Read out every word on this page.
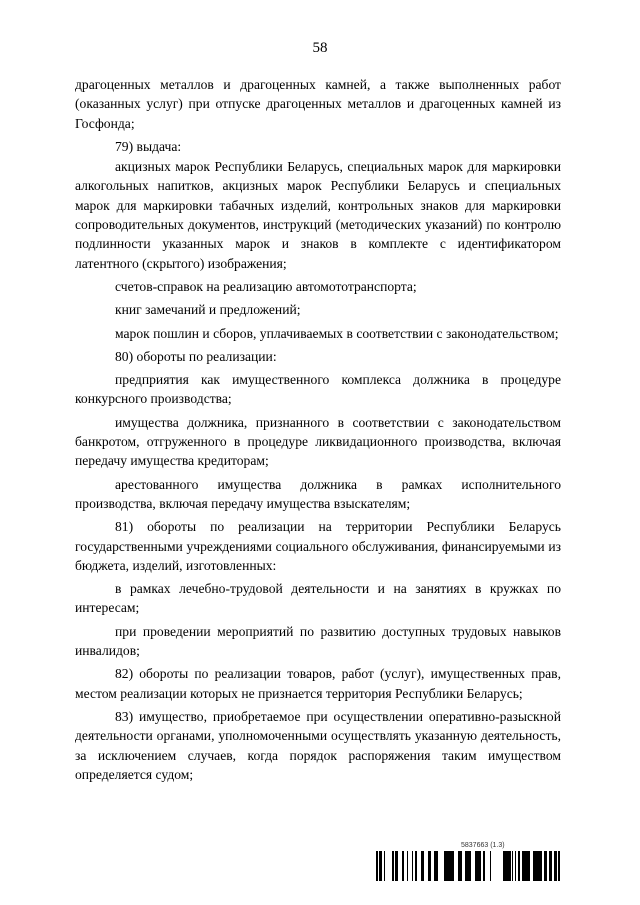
58

драгоценных металлов и драгоценных камней, а также выполненных работ (оказанных услуг) при отпуске драгоценных металлов и драгоценных камней из Госфонда;

79) выдача:

акцизных марок Республики Беларусь, специальных марок для маркировки алкогольных напитков, акцизных марок Республики Беларусь и специальных марок для маркировки табачных изделий, контрольных знаков для маркировки сопроводительных документов, инструкций (методических указаний) по контролю подлинности указанных марок и знаков в комплекте с идентификатором латентного (скрытого) изображения;

счетов-справок на реализацию автомототранспорта;

книг замечаний и предложений;

марок пошлин и сборов, уплачиваемых в соответствии с законодательством;

80) обороты по реализации:

предприятия как имущественного комплекса должника в процедуре конкурсного производства;

имущества должника, признанного в соответствии с законодательством банкротом, отгруженного в процедуре ликвидационного производства, включая передачу имущества кредиторам;

арестованного имущества должника в рамках исполнительного производства, включая передачу имущества взыскателям;

81) обороты по реализации на территории Республики Беларусь государственными учреждениями социального обслуживания, финансируемыми из бюджета, изделий, изготовленных:

в рамках лечебно-трудовой деятельности и на занятиях в кружках по интересам;

при проведении мероприятий по развитию доступных трудовых навыков инвалидов;

82) обороты по реализации товаров, работ (услуг), имущественных прав, местом реализации которых не признается территория Республики Беларусь;

83) имущество, приобретаемое при осуществлении оперативно-разыскной деятельности органами, уполномоченными осуществлять указанную деятельность, за исключением случаев, когда порядок распоряжения таким имуществом определяется судом;

5837663 (1.3)
